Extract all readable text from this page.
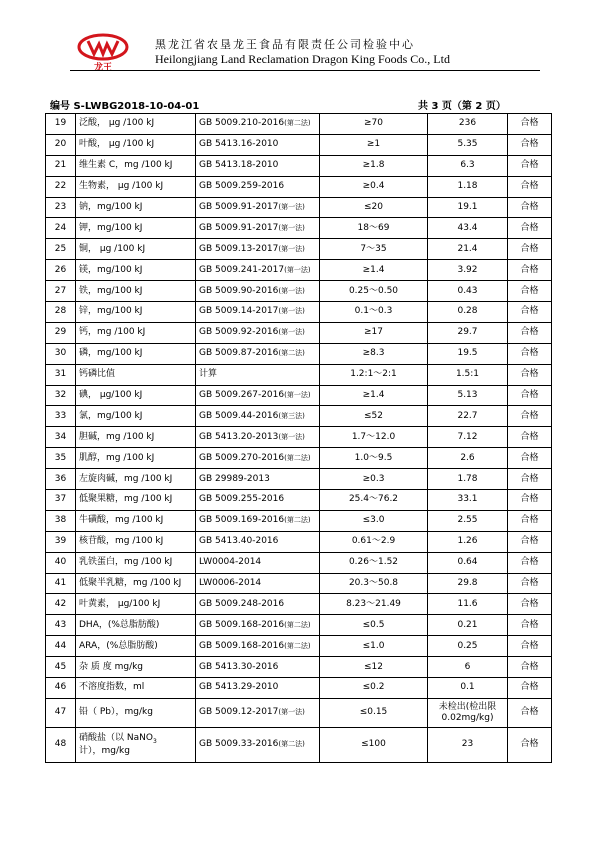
龙王
黑龙江省农垦龙王食品有限责任公司检验中心
Heilongjiang Land Reclamation Dragon King Foods Co., Ltd
编号 S-LWBG2018-10-04-01	共 3 页（第 2 页）
19	泛酸， μg /100 kJ	GB 5009.210-2016(第二法)	≥70	236	合格
20	叶酸， μg /100 kJ	GB 5413.16-2010	≥1	5.35	合格
21	维生素 C，mg /100 kJ	GB 5413.18-2010	≥1.8	6.3	合格
22	生物素， μg /100 kJ	GB 5009.259-2016	≥0.4	1.18	合格
23	钠，mg/100 kJ	GB 5009.91-2017(第一法)	≤20	19.1	合格
24	钾，mg/100 kJ	GB 5009.91-2017(第一法)	18～69	43.4	合格
25	铜， μg /100 kJ	GB 5009.13-2017(第一法)	7～35	21.4	合格
26	镁，mg/100 kJ	GB 5009.241-2017(第一法)	≥1.4	3.92	合格
27	铁，mg/100 kJ	GB 5009.90-2016(第一法)	0.25～0.50	0.43	合格
28	锌，mg/100 kJ	GB 5009.14-2017(第一法)	0.1～0.3	0.28	合格
29	钙，mg /100 kJ	GB 5009.92-2016(第一法)	≥17	29.7	合格
30	磷，mg/100 kJ	GB 5009.87-2016(第二法)	≥8.3	19.5	合格
31	钙磷比值	计算	1.2:1～2:1	1.5:1	合格
32	碘， μg/100 kJ	GB 5009.267-2016(第一法)	≥1.4	5.13	合格
33	氯，mg/100 kJ	GB 5009.44-2016(第三法)	≤52	22.7	合格
34	胆碱，mg /100 kJ	GB 5413.20-2013(第一法)	1.7～12.0	7.12	合格
35	肌醇，mg /100 kJ	GB 5009.270-2016(第二法)	1.0～9.5	2.6	合格
36	左旋肉碱，mg /100 kJ	GB 29989-2013	≥0.3	1.78	合格
37	低聚果糖，mg /100 kJ	GB 5009.255-2016	25.4～76.2	33.1	合格
38	牛磺酸，mg /100 kJ	GB 5009.169-2016(第二法)	≤3.0	2.55	合格
39	核苷酸，mg /100 kJ	GB 5413.40-2016	0.61～2.9	1.26	合格
40	乳铁蛋白，mg /100 kJ	LW0004-2014	0.26～1.52	0.64	合格
41	低聚半乳糖，mg /100 kJ	LW0006-2014	20.3～50.8	29.8	合格
42	叶黄素， μg/100 kJ	GB 5009.248-2016	8.23～21.49	11.6	合格
43	DHA，(%总脂肪酸)	GB 5009.168-2016(第二法)	≤0.5	0.21	合格
44	ARA，(%总脂肪酸)	GB 5009.168-2016(第二法)	≤1.0	0.25	合格
45	杂 质 度 mg/kg	GB 5413.30-2016	≤12	6	合格
46	不溶度指数，ml	GB 5413.29-2010	≤0.2	0.1	合格
47	铅（ Pb），mg/kg	GB 5009.12-2017(第一法)	≤0.15	未检出(检出限
0.02mg/kg)	合格
48	硝酸盐（以 NaNO$_3$
计），mg/kg	GB 5009.33-2016(第二法)	≤100	23	合格
